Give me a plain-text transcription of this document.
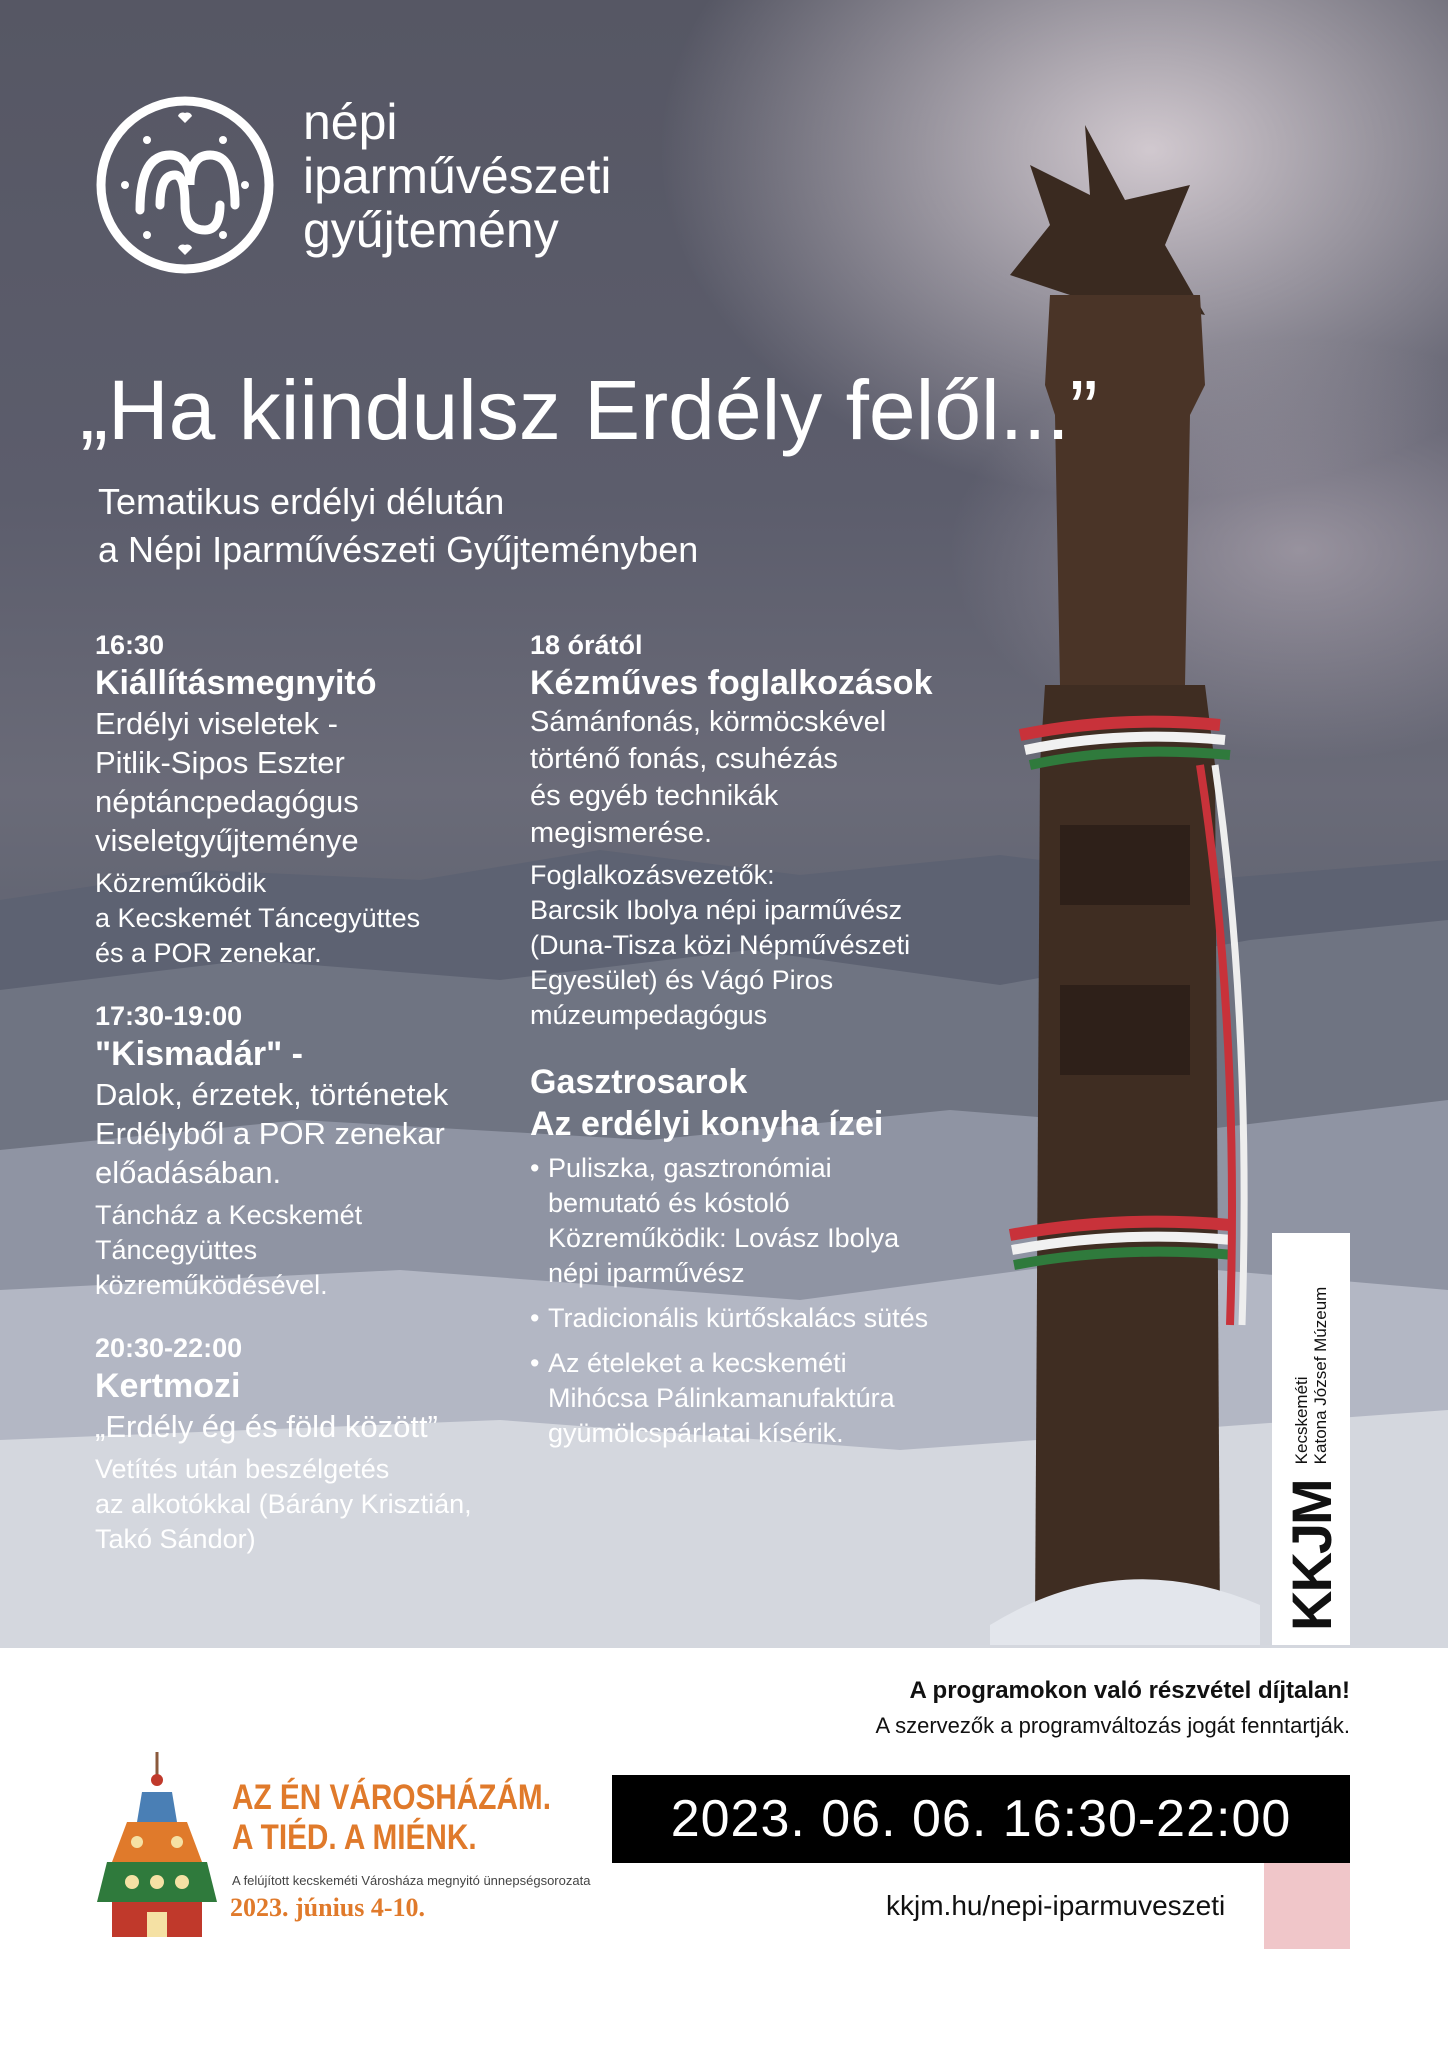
népi
iparművészeti
gyűjtemény
„Ha kiindulsz Erdély felől...”
Tematikus erdélyi délután
a Népi Iparművészeti Gyűjteményben
16:30
Kiállításmegnyitó
Erdélyi viseletek -
Pitlik-Sipos Eszter
néptáncpedagógus
viseletgyűjteménye
Közreműködik
a Kecskemét Táncegyüttes
és a POR zenekar.
17:30-19:00
"Kismadár" -
Dalok, érzetek, történetek
Erdélyből a POR zenekar
előadásában.
Táncház a Kecskemét
Táncegyüttes
közreműködésével.
20:30-22:00
Kertmozi
„Erdély ég és föld között”
Vetítés után beszélgetés
az alkotókkal (Bárány Krisztián,
Takó Sándor)
18 órától
Kézműves foglalkozások
Sámánfonás, körmöcskével
történő fonás, csuhézás
és egyéb technikák
megismerése.
Foglalkozásvezetők:
Barcsik Ibolya népi iparművész
(Duna-Tisza közi Népművészeti
Egyesület) és Vágó Piros
múzeumpedagógus
Gasztrosarok
Az erdélyi konyha ízei
• Puliszka, gasztronómiai
bemutató és kóstoló
Közreműködik: Lovász Ibolya
népi iparművész
• Tradicionális kürtőskalács sütés
• Az ételeket a kecskeméti
Mihócsa Pálinkamanufaktúra
gyümölcspárlatai kísérik.
KKJM
Kecskeméti Katona József Múzeum
A programokon való részvétel díjtalan!
A szervezők a programváltozás jogát fenntartják.
2023. 06. 06. 16:30-22:00
kkjm.hu/nepi-iparmuveszeti
AZ ÉN VÁROSHÁZÁM.
A TIÉD. A MIÉNK.
A felújított kecskeméti Városháza megnyitó ünnepségsorozata
2023. június 4-10.
